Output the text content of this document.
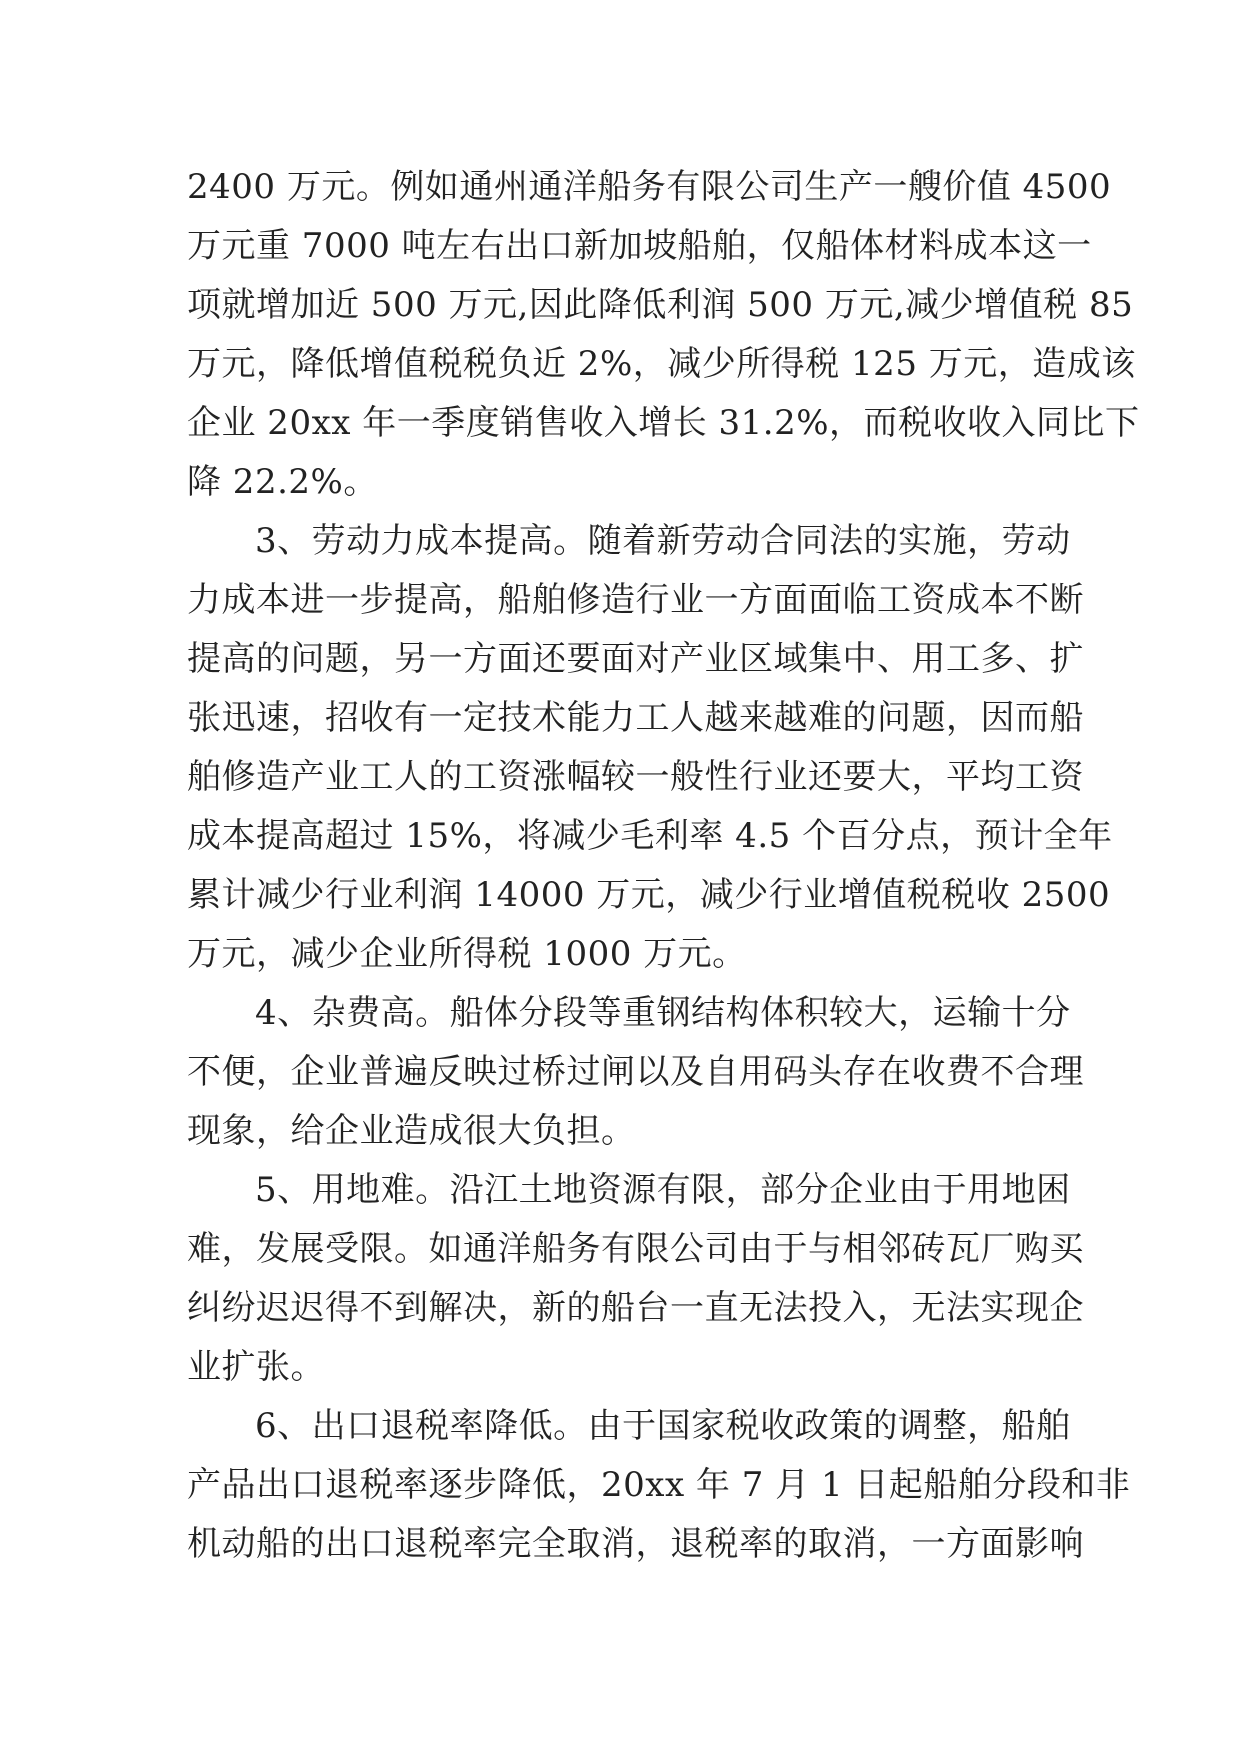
2400 万元。例如通州通洋船务有限公司生产一艘价值 4500
万元重 7000 吨左右出口新加坡船舶，仅船体材料成本这一
项就增加近 500 万元,因此降低利润 500 万元,减少增值税 85
万元，降低增值税税负近 2%，减少所得税 125 万元，造成该
企业 20xx 年一季度销售收入增长 31.2%，而税收收入同比下
降 22.2%。
3、劳动力成本提高。随着新劳动合同法的实施，劳动
力成本进一步提高，船舶修造行业一方面面临工资成本不断
提高的问题，另一方面还要面对产业区域集中、用工多、扩
张迅速，招收有一定技术能力工人越来越难的问题，因而船
舶修造产业工人的工资涨幅较一般性行业还要大，平均工资
成本提高超过 15%，将减少毛利率 4.5 个百分点，预计全年
累计减少行业利润 14000 万元，减少行业增值税税收 2500
万元，减少企业所得税 1000 万元。
4、杂费高。船体分段等重钢结构体积较大，运输十分
不便，企业普遍反映过桥过闸以及自用码头存在收费不合理
现象，给企业造成很大负担。
5、用地难。沿江土地资源有限，部分企业由于用地困
难，发展受限。如通洋船务有限公司由于与相邻砖瓦厂购买
纠纷迟迟得不到解决，新的船台一直无法投入，无法实现企
业扩张。
6、出口退税率降低。由于国家税收政策的调整，船舶
产品出口退税率逐步降低，20xx 年 7 月 1 日起船舶分段和非
机动船的出口退税率完全取消，退税率的取消，一方面影响
